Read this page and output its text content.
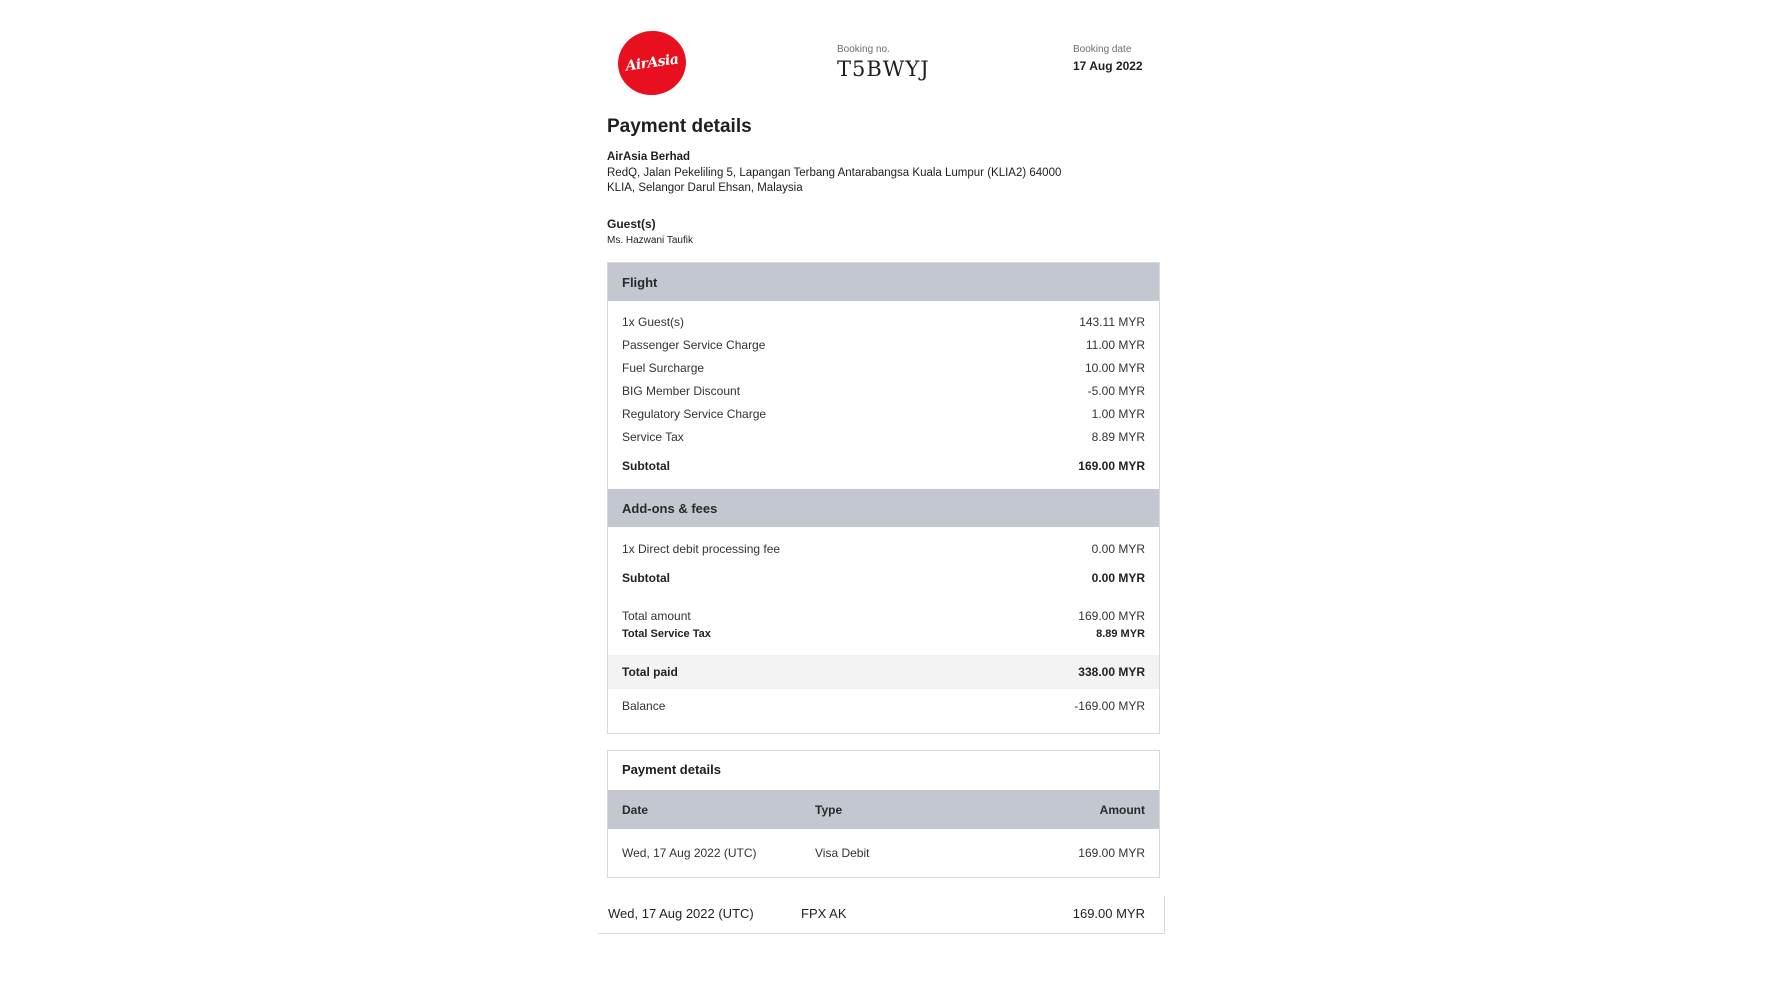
AirAsia
Booking no.
T5BWYJ
Booking date
17 Aug 2022
Payment details
AirAsia Berhad
RedQ, Jalan Pekeliling 5, Lapangan Terbang Antarabangsa Kuala Lumpur (KLIA2) 64000
KLIA, Selangor Darul Ehsan, Malaysia
Guest(s)
Ms. Hazwani Taufik
Flight
1x Guest(s)	143.11 MYR
Passenger Service Charge	11.00 MYR
Fuel Surcharge	10.00 MYR
BIG Member Discount	-5.00 MYR
Regulatory Service Charge	1.00 MYR
Service Tax	8.89 MYR
Subtotal	169.00 MYR
Add-ons & fees
1x Direct debit processing fee	0.00 MYR
Subtotal	0.00 MYR
Total amount	169.00 MYR
Total Service Tax	8.89 MYR
Total paid	338.00 MYR
Balance	-169.00 MYR
Payment details
Date	Type	Amount
Wed, 17 Aug 2022 (UTC)	Visa Debit	169.00 MYR
Wed, 17 Aug 2022 (UTC)	FPX AK	169.00 MYR
